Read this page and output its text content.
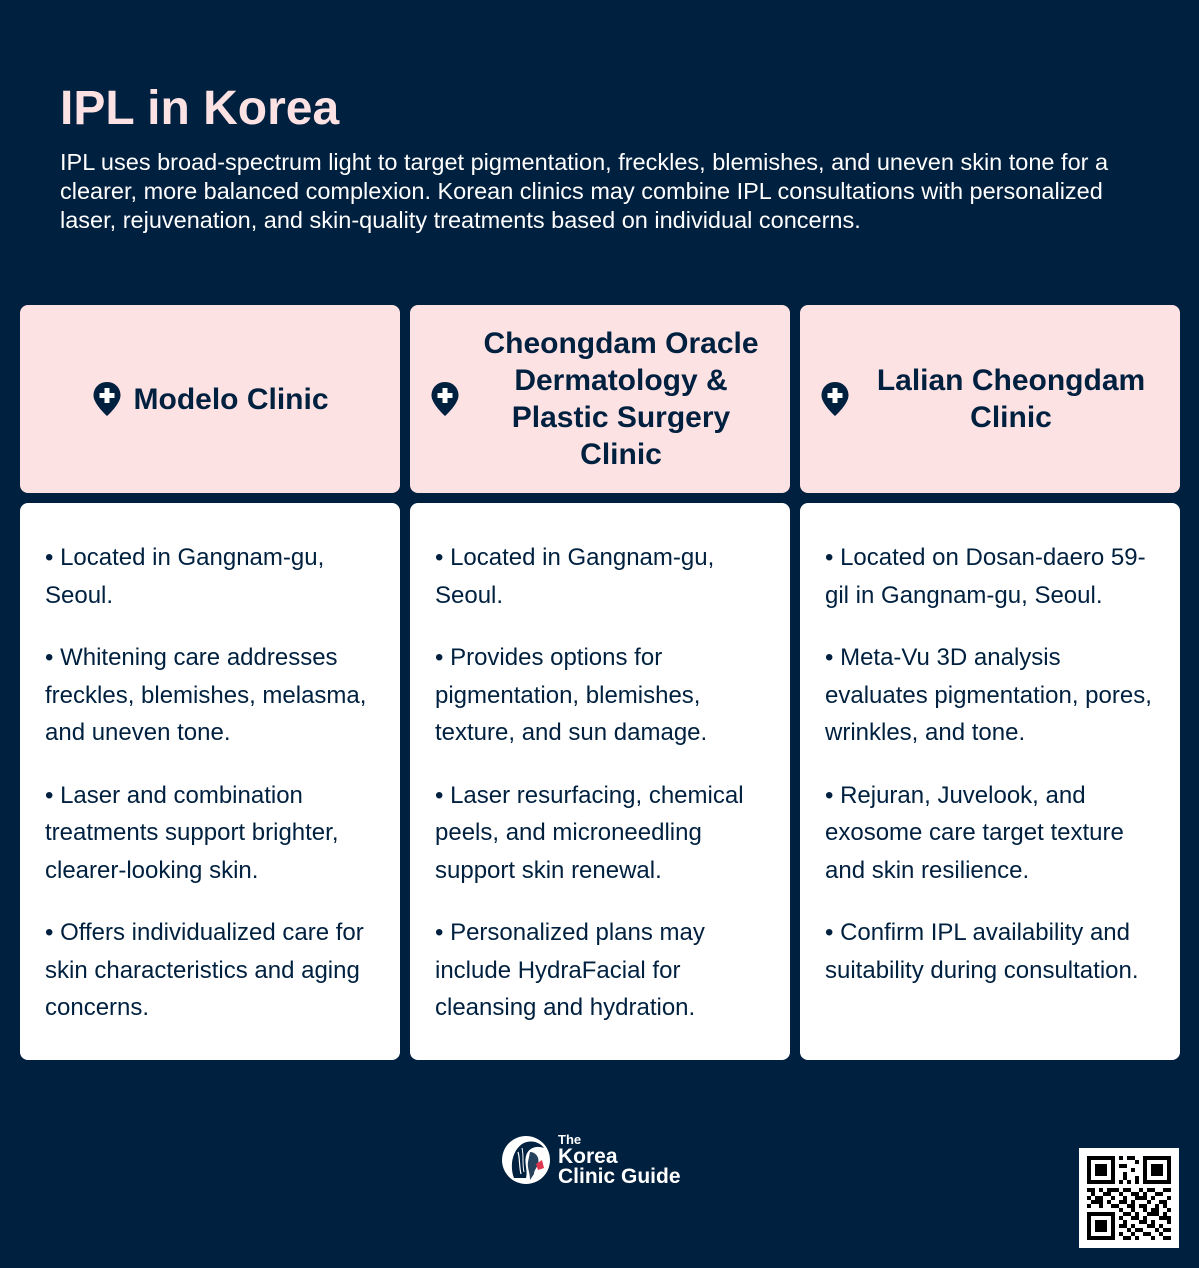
IPL in Korea

IPL uses broad-spectrum light to target pigmentation, freckles, blemishes, and uneven skin tone for a clearer, more balanced complexion. Korean clinics may combine IPL consultations with personalized laser, rejuvenation, and skin-quality treatments based on individual concerns.

Modelo Clinic

• Located in Gangnam-gu, Seoul.

• Whitening care addresses freckles, blemishes, melasma, and uneven tone.

• Laser and combination treatments support brighter, clearer-looking skin.

• Offers individualized care for skin characteristics and aging concerns.

Cheongdam Oracle Dermatology & Plastic Surgery Clinic

• Located in Gangnam-gu, Seoul.

• Provides options for pigmentation, blemishes, texture, and sun damage.

• Laser resurfacing, chemical peels, and microneedling support skin renewal.

• Personalized plans may include HydraFacial for cleansing and hydration.

Lalian Cheongdam Clinic

• Located on Dosan-daero 59-gil in Gangnam-gu, Seoul.

• Meta-Vu 3D analysis evaluates pigmentation, pores, wrinkles, and tone.

• Rejuran, Juvelook, and exosome care target texture and skin resilience.

• Confirm IPL availability and suitability during consultation.

The
Korea
Clinic Guide
